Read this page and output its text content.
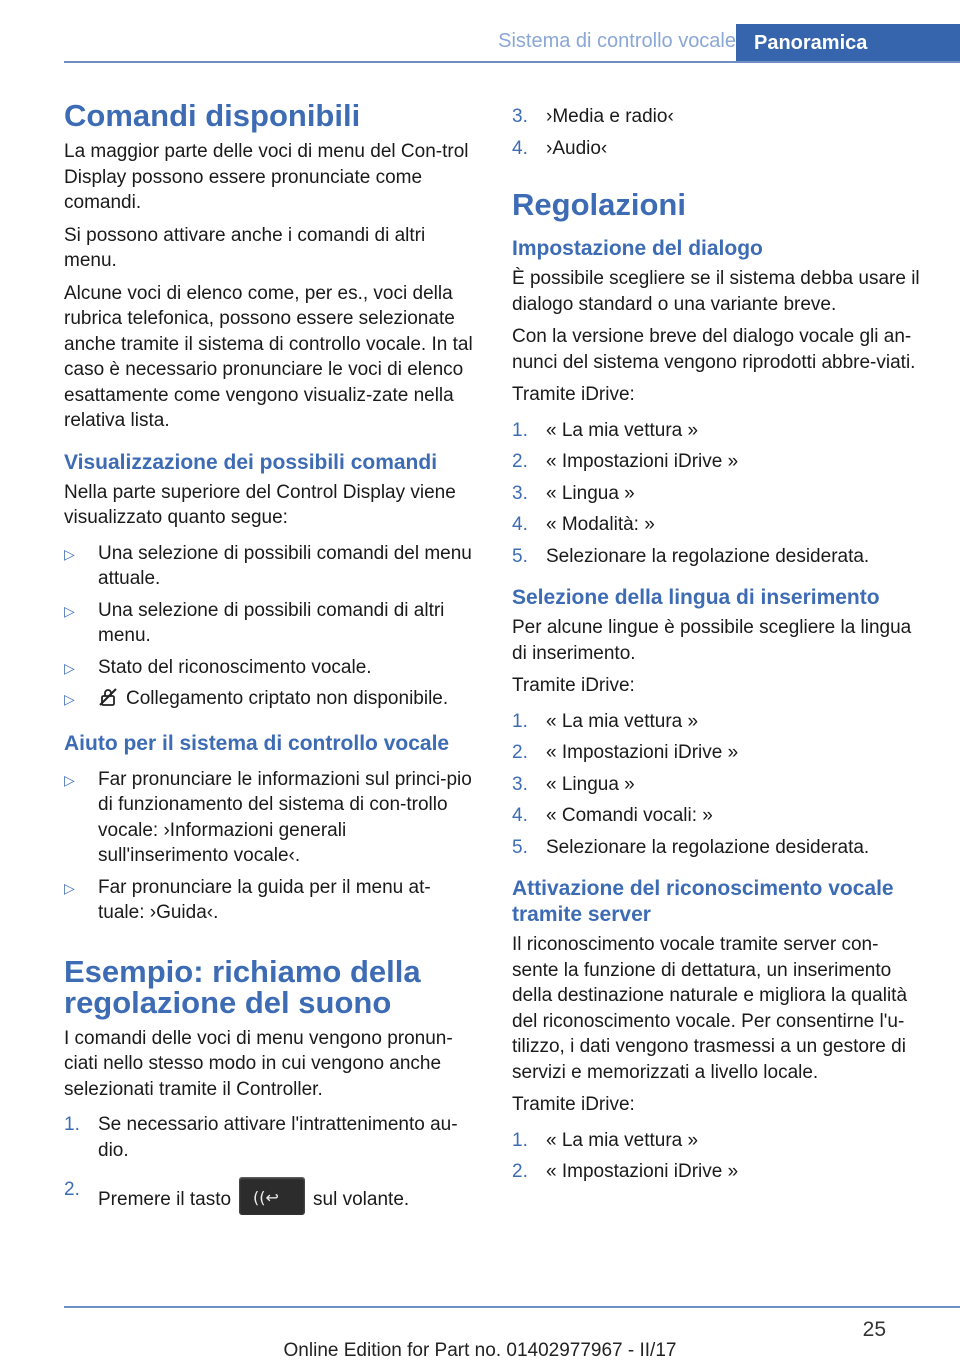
Sistema di controllo vocale Panoramica
Comandi disponibili

La maggior parte delle voci di menu del Con-trol Display possono essere pronunciate come comandi.

Si possono attivare anche i comandi di altri menu.

Alcune voci di elenco come, per es., voci della rubrica telefonica, possono essere selezionate anche tramite il sistema di controllo vocale. In tal caso è necessario pronunciare le voci di elenco esattamente come vengono visualiz-zate nella relativa lista.

Visualizzazione dei possibili comandi

Nella parte superiore del Control Display viene visualizzato quanto segue:

▷ Una selezione di possibili comandi del menu attuale.
▷ Una selezione di possibili comandi di altri menu.
▷ Stato del riconoscimento vocale.
▷	Collegamento criptato non disponibile.
Aiuto per il sistema di controllo vocale
▷ Far pronunciare le informazioni sul princi-pio di funzionamento del sistema di con-trollo vocale: ›Informazioni generali sull'inserimento vocale‹.
▷ Far pronunciare la guida per il menu at-tuale: ›Guida‹.
Esempio: richiamo della regolazione del suono

I comandi delle voci di menu vengono pronun-ciati nello stesso modo in cui vengono anche selezionati tramite il Controller.

1. Se necessario attivare l'intrattenimento au-dio.
2. Premere il tasto ((↩ sul volante.
3. ›Media e radio‹
4. ›Audio‹
Regolazioni
Impostazione del dialogo

È possibile scegliere se il sistema debba usare il dialogo standard o una variante breve.

Con la versione breve del dialogo vocale gli an-nunci del sistema vengono riprodotti abbre-viati.

Tramite iDrive:

1. « La mia vettura »
2. « Impostazioni iDrive »
3. « Lingua »
4. « Modalità: »
5. Selezionare la regolazione desiderata.
Selezione della lingua di inserimento

Per alcune lingue è possibile scegliere la lingua di inserimento.

Tramite iDrive:

1. « La mia vettura »
2. « Impostazioni iDrive »
3. « Lingua »
4. « Comandi vocali: »
5. Selezionare la regolazione desiderata.
Attivazione del riconoscimento vocale tramite server

Il riconoscimento vocale tramite server con-sente la funzione di dettatura, un inserimento della destinazione naturale e migliora la qualità del riconoscimento vocale. Per consentirne l'u-tilizzo, i dati vengono trasmessi a un gestore di servizi e memorizzati a livello locale.

Tramite iDrive:

1. « La mia vettura »
2. « Impostazioni iDrive »
25
Online Edition for Part no. 01402977967 - II/17
